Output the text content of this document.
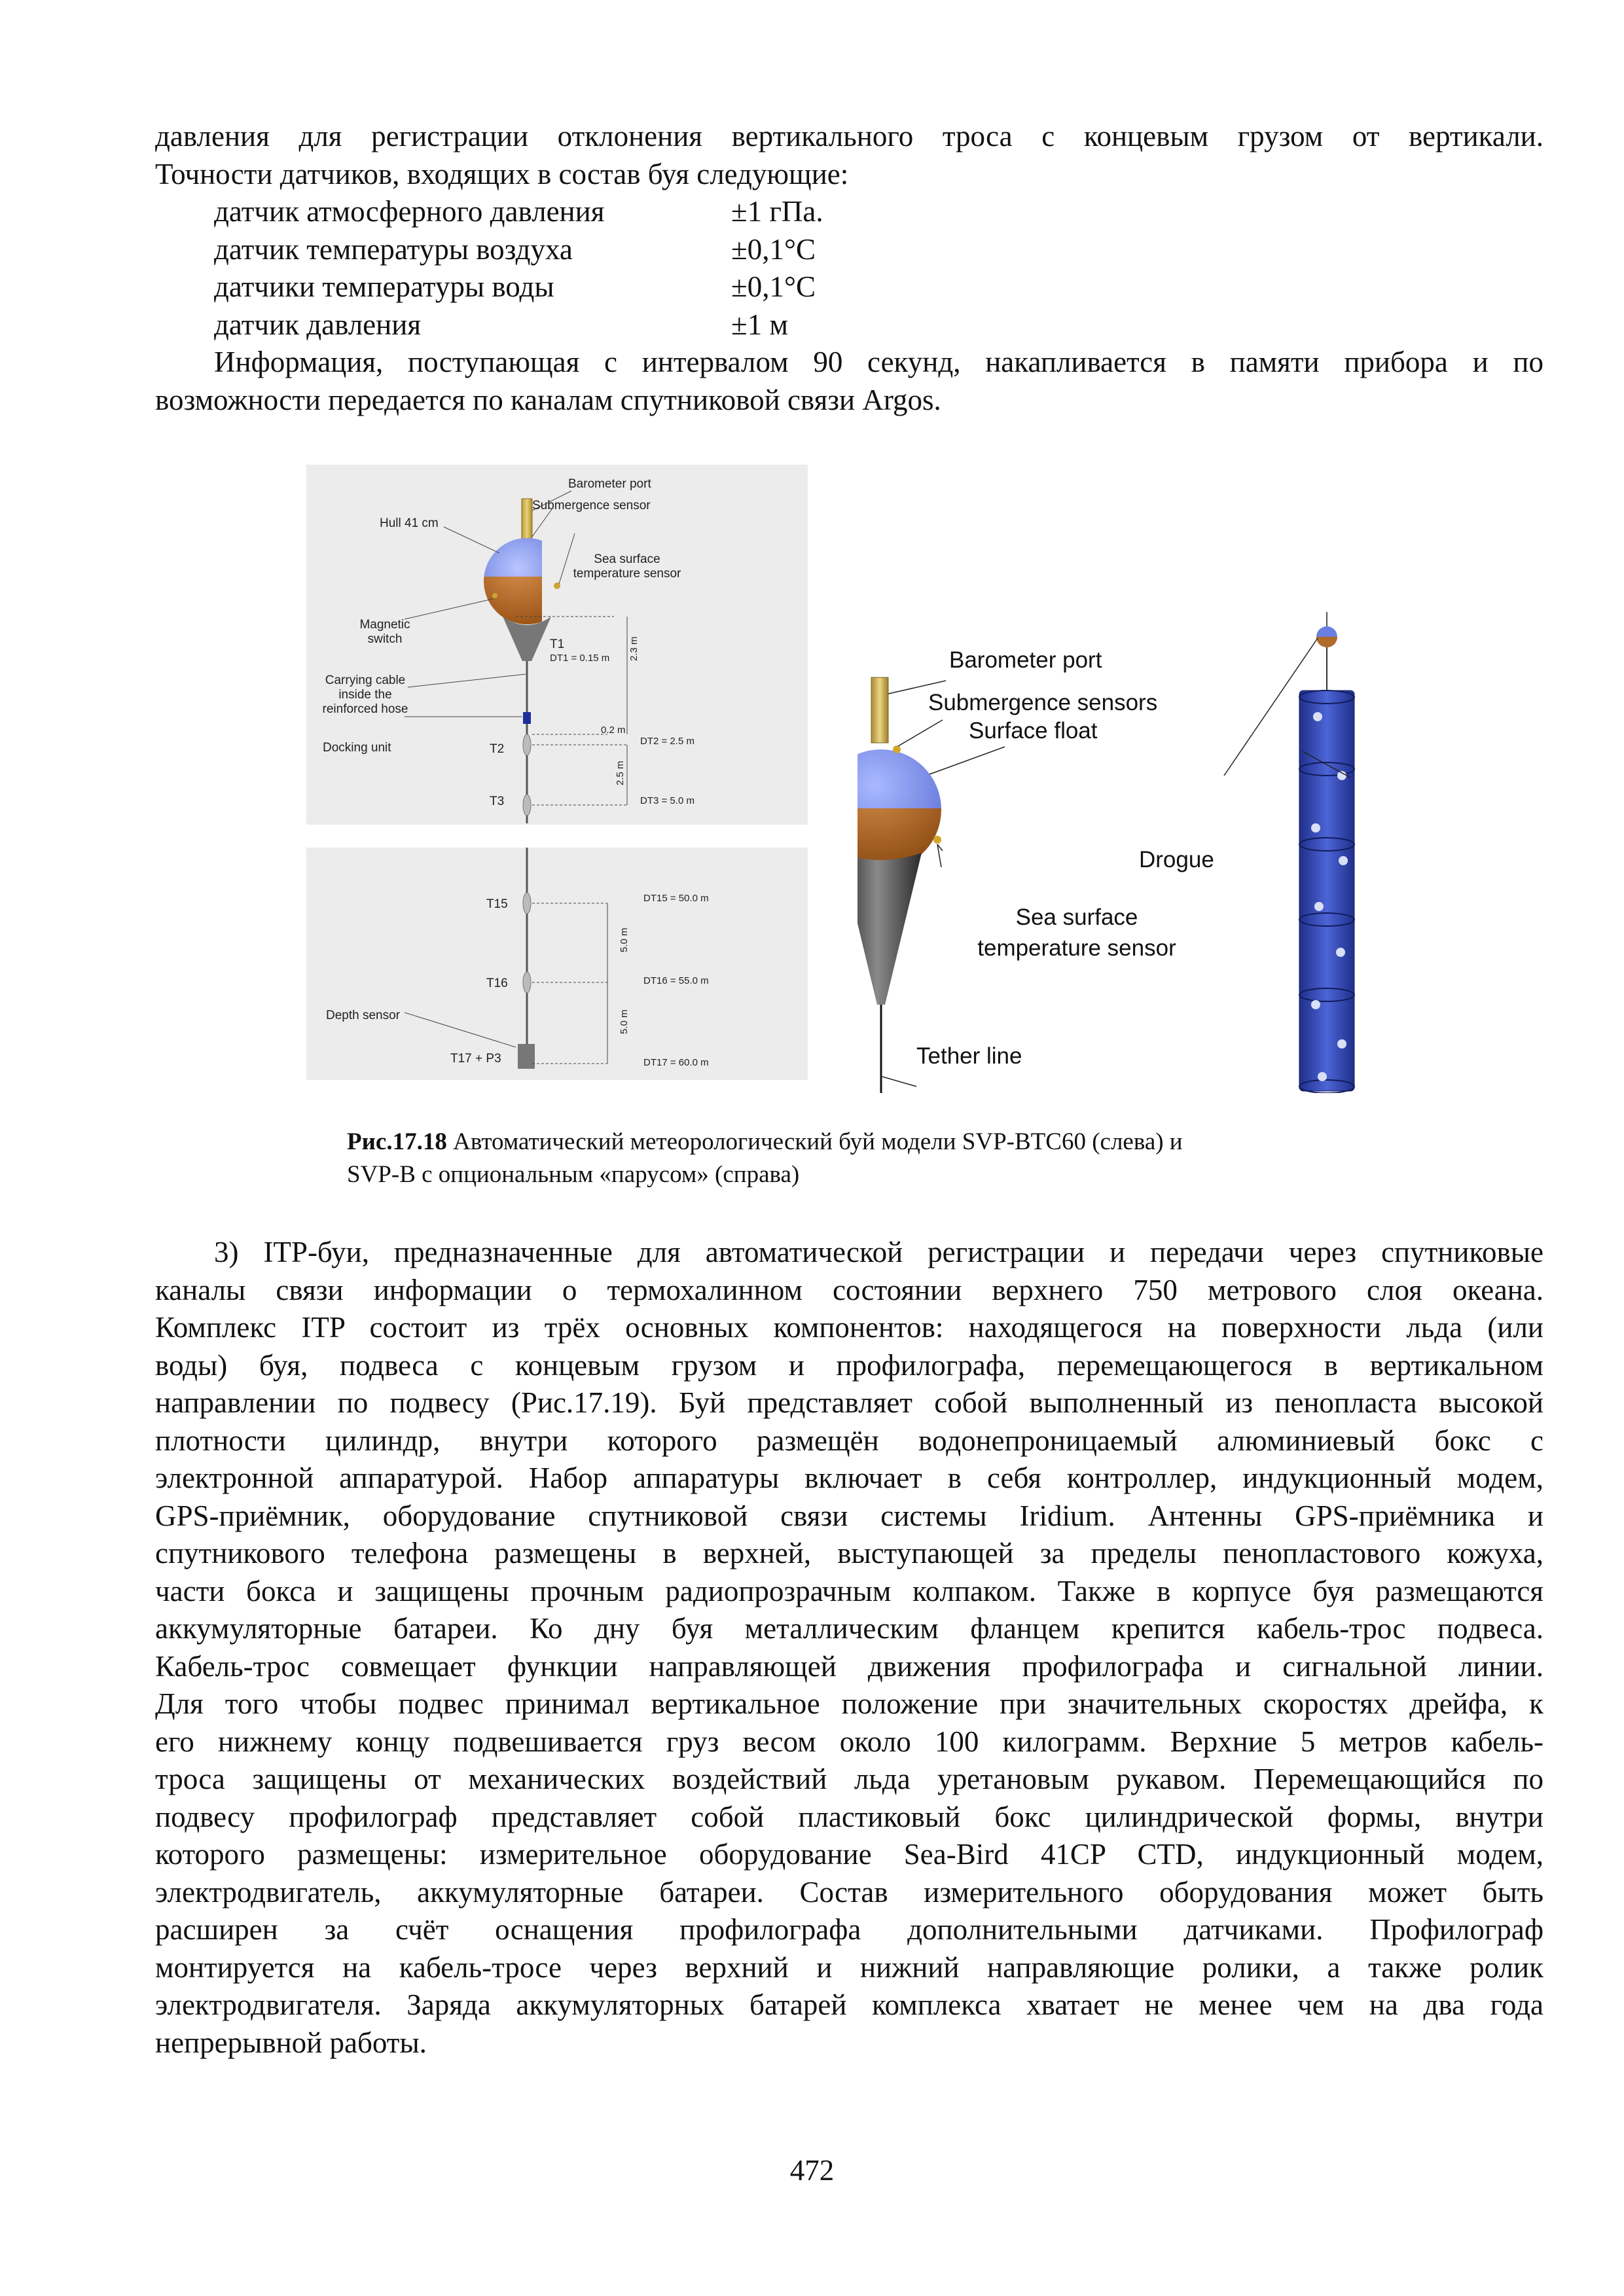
давления для регистрации отклонения вертикального троса с концевым грузом от вертикали.
Точности датчиков, входящих в состав буя следующие:
датчик атмосферного давления	±1 гПа.
датчик температуры воздуха	±0,1°C
датчики температуры воды	±0,1°C
датчик давления	±1 м
Информация, поступающая с интервалом 90 секунд, накапливается в памяти прибора и по
возможности передается по каналам спутниковой связи Argos.
Barometer port
Submergence sensor
Hull 41 cm
Sea surface
temperature sensor
Magnetic
switch
Carrying cable
inside the
reinforced hose
Docking unit
T1
DT1 = 0.15 m 2.3 m
0.2 m
DT2 = 2.5 m
T2
2.5 m
T3	DT3 = 5.0 m
T15	DT15 = 50.0 m
5.0 m
T16	DT16 = 55.0 m
Depth sensor	5.0 m
T17 + P3	DT17 = 60.0 m
Barometer port
Submergence sensors
Surface float
Drogue
Sea surface
temperature sensor
Tether line
Рис.17.18 Автоматический метеорологический буй модели SVP-BTC60 (слева) и
SVP-B с опциональным «парусом» (справа)
3) ITP-буи, предназначенные для автоматической регистрации и передачи через спутниковые
каналы связи информации о термохалинном состоянии верхнего 750 метрового слоя океана.
Комплекс ITP состоит из трёх основных компонентов: находящегося на поверхности льда (или
воды) буя, подвеса с концевым грузом и профилографа, перемещающегося в вертикальном
направлении по подвесу (Рис.17.19). Буй представляет собой выполненный из пенопласта высокой
плотности цилиндр, внутри которого размещён водонепроницаемый алюминиевый бокс с
электронной аппаратурой. Набор аппаратуры включает в себя контроллер, индукционный модем,
GPS-приёмник, оборудование спутниковой связи системы Iridium. Антенны GPS-приёмника и
спутникового телефона размещены в верхней, выступающей за пределы пенопластового кожуха,
части бокса и защищены прочным радиопрозрачным колпаком. Также в корпусе буя размещаются
аккумуляторные батареи. Ко дну буя металлическим фланцем крепится кабель-трос подвеса.
Кабель-трос совмещает функции направляющей движения профилографа и сигнальной линии.
Для того чтобы подвес принимал вертикальное положение при значительных скоростях дрейфа, к
его нижнему концу подвешивается груз весом около 100 килограмм. Верхние 5 метров кабель-
троса защищены от механических воздействий льда уретановым рукавом. Перемещающийся по
подвесу профилограф представляет собой пластиковый бокс цилиндрической формы, внутри
которого размещены: измерительное оборудование Sea-Bird 41CP CTD, индукционный модем,
электродвигатель, аккумуляторные батареи. Состав измерительного оборудования может быть
расширен за счёт оснащения профилографа дополнительными датчиками. Профилограф
монтируется на кабель-тросе через верхний и нижний направляющие ролики, а также ролик
электродвигателя. Заряда аккумуляторных батарей комплекса хватает не менее чем на два года
непрерывной работы.
472
